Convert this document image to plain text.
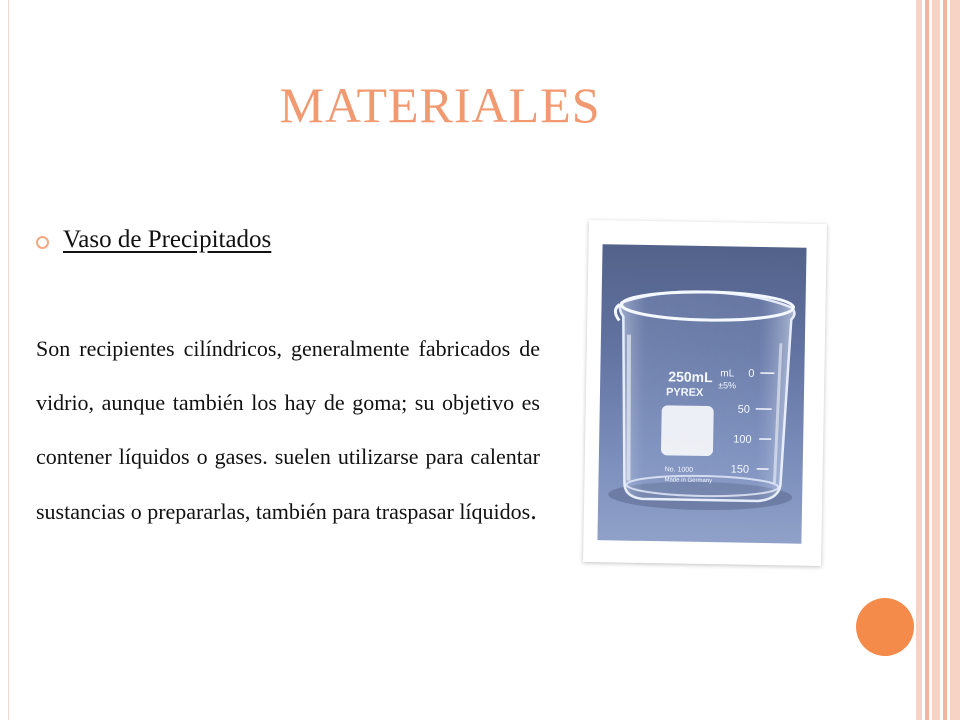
MATERIALES
Vaso de Precipitados
Son recipientes cilíndricos, generalmente fabricados de vidrio, aunque también los hay de goma; su objetivo es contener líquidos o gases. suelen utilizarse para calentar sustancias o prepararlas, también para traspasar líquidos.
250mL
PYREX
mL
±5%
0
50
100
150
No. 1000
Made in Germany
